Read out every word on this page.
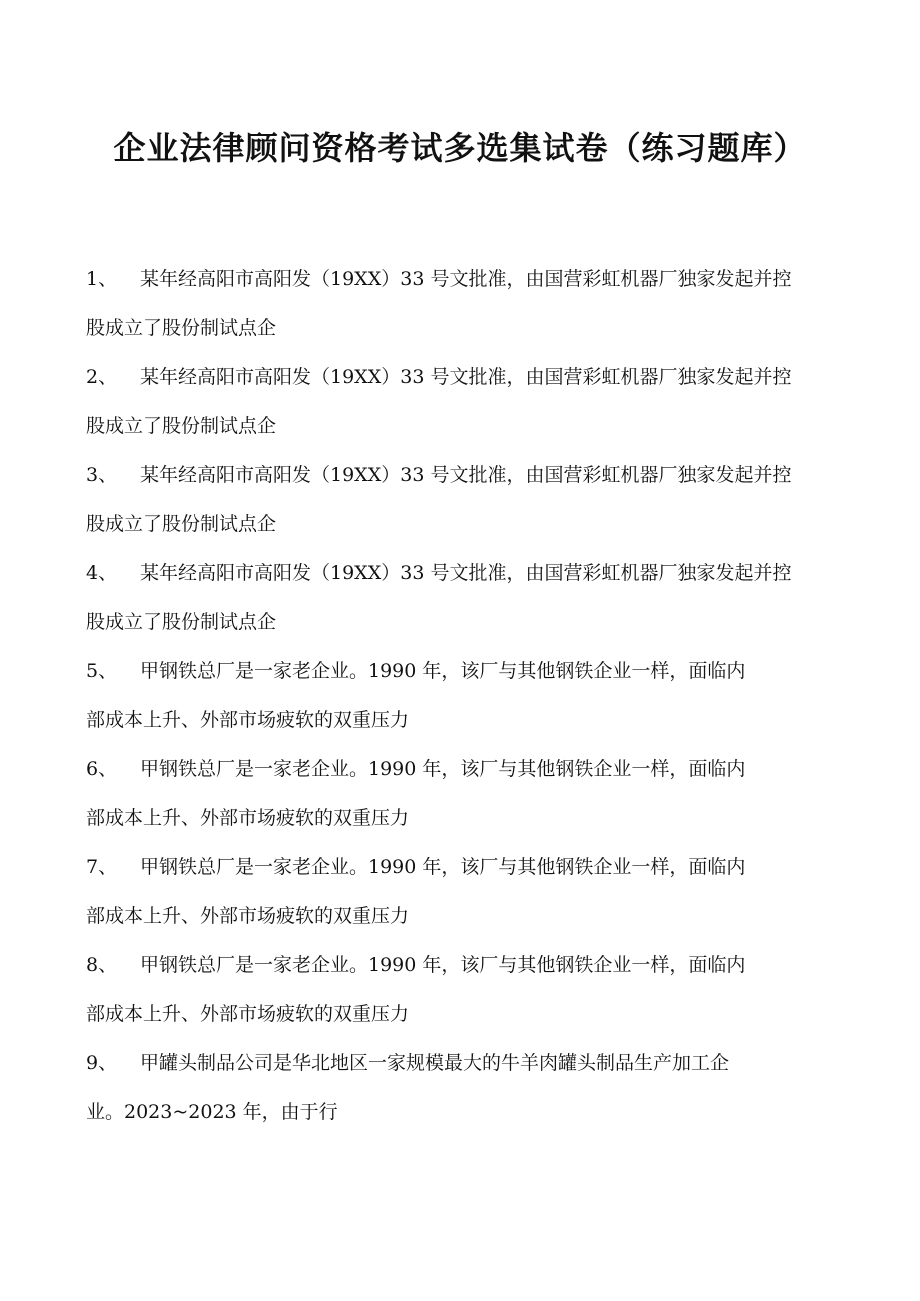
企业法律顾问资格考试多选集试卷（练习题库）
1、 某年经高阳市高阳发（19XX）33 号文批准，由国营彩虹机器厂独家发起并控
股成立了股份制试点企
2、 某年经高阳市高阳发（19XX）33 号文批准，由国营彩虹机器厂独家发起并控
股成立了股份制试点企
3、 某年经高阳市高阳发（19XX）33 号文批准，由国营彩虹机器厂独家发起并控
股成立了股份制试点企
4、 某年经高阳市高阳发（19XX）33 号文批准，由国营彩虹机器厂独家发起并控
股成立了股份制试点企
5、 甲钢铁总厂是一家老企业。1990 年，该厂与其他钢铁企业一样，面临内
部成本上升、外部市场疲软的双重压力
6、 甲钢铁总厂是一家老企业。1990 年，该厂与其他钢铁企业一样，面临内
部成本上升、外部市场疲软的双重压力
7、 甲钢铁总厂是一家老企业。1990 年，该厂与其他钢铁企业一样，面临内
部成本上升、外部市场疲软的双重压力
8、 甲钢铁总厂是一家老企业。1990 年，该厂与其他钢铁企业一样，面临内
部成本上升、外部市场疲软的双重压力
9、 甲罐头制品公司是华北地区一家规模最大的牛羊肉罐头制品生产加工企
业。2023~2023 年，由于行
